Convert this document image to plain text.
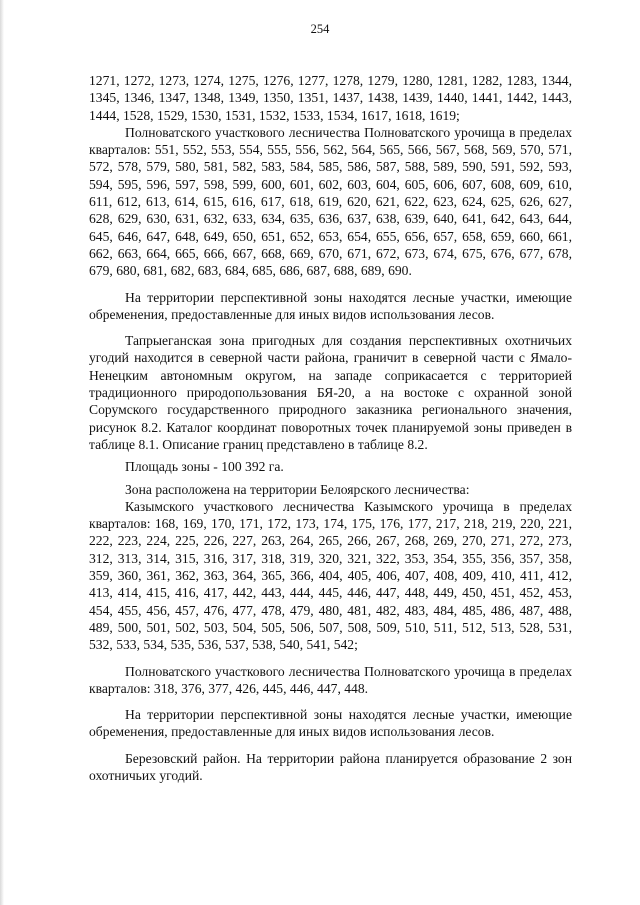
254

1271, 1272, 1273, 1274, 1275, 1276, 1277, 1278, 1279, 1280, 1281, 1282, 1283, 1344, 1345, 1346, 1347, 1348, 1349, 1350, 1351, 1437, 1438, 1439, 1440, 1441, 1442, 1443, 1444, 1528, 1529, 1530, 1531, 1532, 1533, 1534, 1617, 1618, 1619;

Полноватского участкового лесничества Полноватского урочища в пределах кварталов: 551, 552, 553, 554, 555, 556, 562, 564, 565, 566, 567, 568, 569, 570, 571, 572, 578, 579, 580, 581, 582, 583, 584, 585, 586, 587, 588, 589, 590, 591, 592, 593, 594, 595, 596, 597, 598, 599, 600, 601, 602, 603, 604, 605, 606, 607, 608, 609, 610, 611, 612, 613, 614, 615, 616, 617, 618, 619, 620, 621, 622, 623, 624, 625, 626, 627, 628, 629, 630, 631, 632, 633, 634, 635, 636, 637, 638, 639, 640, 641, 642, 643, 644, 645, 646, 647, 648, 649, 650, 651, 652, 653, 654, 655, 656, 657, 658, 659, 660, 661, 662, 663, 664, 665, 666, 667, 668, 669, 670, 671, 672, 673, 674, 675, 676, 677, 678, 679, 680, 681, 682, 683, 684, 685, 686, 687, 688, 689, 690.

На территории перспективной зоны находятся лесные участки, имеющие обременения, предоставленные для иных видов использования лесов.

Тапрыеганская зона пригодных для создания перспективных охотничьих угодий находится в северной части района, граничит в северной части с Ямало-Ненецким автономным округом, на западе соприкасается с территорией традиционного природопользования БЯ-20, а на востоке с охранной зоной Сорумского государственного природного заказника регионального значения, рисунок 8.2. Каталог координат поворотных точек планируемой зоны приведен в таблице 8.1. Описание границ представлено в таблице 8.2.

Площадь зоны - 100 392 га.

Зона расположена на территории Белоярского лесничества:

Казымского участкового лесничества Казымского урочища в пределах кварталов: 168, 169, 170, 171, 172, 173, 174, 175, 176, 177, 217, 218, 219, 220, 221, 222, 223, 224, 225, 226, 227, 263, 264, 265, 266, 267, 268, 269, 270, 271, 272, 273, 312, 313, 314, 315, 316, 317, 318, 319, 320, 321, 322, 353, 354, 355, 356, 357, 358, 359, 360, 361, 362, 363, 364, 365, 366, 404, 405, 406, 407, 408, 409, 410, 411, 412, 413, 414, 415, 416, 417, 442, 443, 444, 445, 446, 447, 448, 449, 450, 451, 452, 453, 454, 455, 456, 457, 476, 477, 478, 479, 480, 481, 482, 483, 484, 485, 486, 487, 488, 489, 500, 501, 502, 503, 504, 505, 506, 507, 508, 509, 510, 511, 512, 513, 528, 531, 532, 533, 534, 535, 536, 537, 538, 540, 541, 542;

Полноватского участкового лесничества Полноватского урочища в пределах кварталов: 318, 376, 377, 426, 445, 446, 447, 448.

На территории перспективной зоны находятся лесные участки, имеющие обременения, предоставленные для иных видов использования лесов.

Березовский район. На территории района планируется образование 2 зон охотничьих угодий.
